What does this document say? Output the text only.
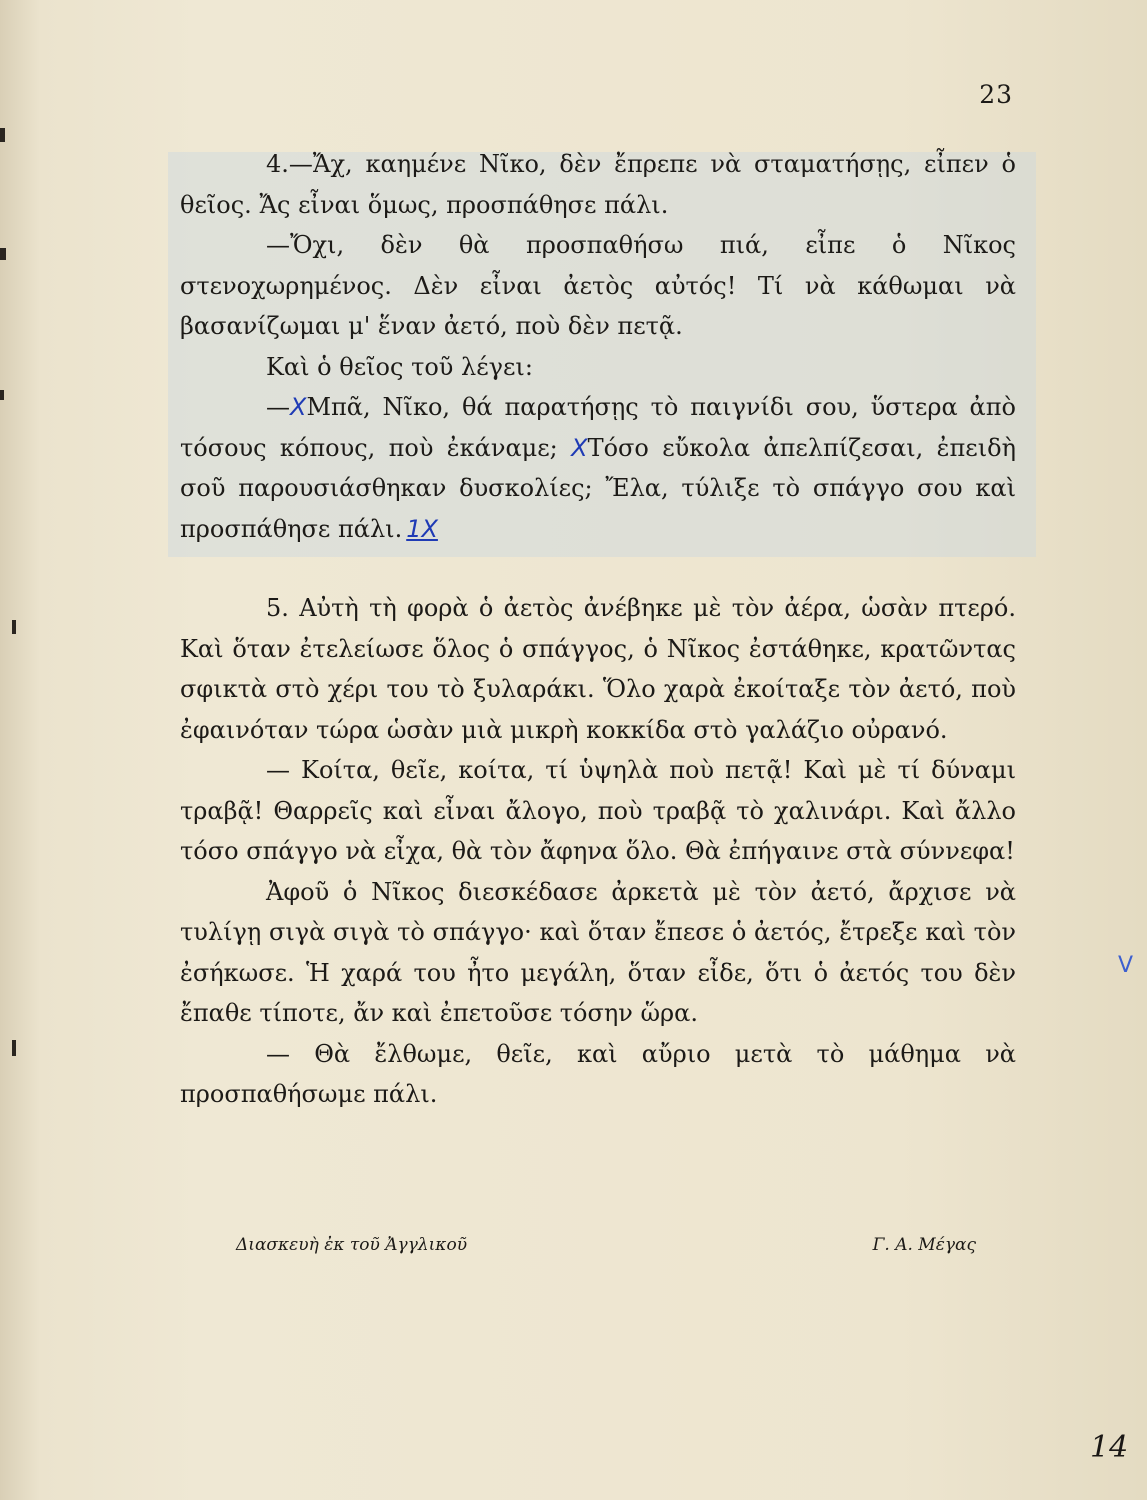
23

4.—Ἄχ, καημένε Νῖκο, δὲν ἔπρεπε νὰ σταματήσῃς, εἶπεν ὁ θεῖος. Ἄς εἶναι ὅμως, προσπάθησε πάλι.

—Ὄχι, δὲν θὰ προσπαθήσω πιά, εἶπε ὁ Νῖκος στενοχωρημένος. Δὲν εἶναι ἀετὸς αὐτός! Τί νὰ κάθωμαι νὰ βασανίζωμαι μ' ἕναν ἀετό, ποὺ δὲν πετᾷ.

Καὶ ὁ θεῖος τοῦ λέγει:

—XΜπᾶ, Νῖκο, θά παρατήσῃς τὸ παιγνίδι σου, ὕστερα ἀπὸ τόσους κόπους, ποὺ ἐκάναμε; XΤόσο εὔκολα ἀπελπίζεσαι, ἐπειδὴ σοῦ παρουσιάσθηκαν δυσκολίες; Ἔλα, τύλιξε τὸ σπάγγο σου καὶ προσπάθησε πάλι. 1X

5. Αὐτὴ τὴ φορὰ ὁ ἀετὸς ἀνέβηκε μὲ τὸν ἀέρα, ὡσὰν πτερό. Καὶ ὅταν ἐτελείωσε ὅλος ὁ σπάγγος, ὁ Νῖκος ἐστάθηκε, κρατῶντας σφικτὰ στὸ χέρι του τὸ ξυλαράκι. Ὅλο χαρὰ ἐκοίταξε τὸν ἀετό, ποὺ ἐφαινόταν τώρα ὡσὰν μιὰ μικρὴ κοκκίδα στὸ γαλάζιο οὐρανό.

— Κοίτα, θεῖε, κοίτα, τί ὑψηλὰ ποὺ πετᾷ! Καὶ μὲ τί δύναμι τραβᾷ! Θαρρεῖς καὶ εἶναι ἄλογο, ποὺ τραβᾷ τὸ χαλινάρι. Καὶ ἄλλο τόσο σπάγγο νὰ εἶχα, θὰ τὸν ἄφηνα ὅλο. Θὰ ἐπήγαινε στὰ σύννεφα!

Ἀφοῦ ὁ Νῖκος διεσκέδασε ἀρκετὰ μὲ τὸν ἀετό, ἄρχισε νὰ τυλίγῃ σιγὰ σιγὰ τὸ σπάγγο· καὶ ὅταν ἔπεσε ὁ ἀετός, ἔτρεξε καὶ τὸν ἐσήκωσε. Ἡ χαρά του ἦτο μεγάλη, ὅταν εἶδε, ὅτι ὁ ἀετός του δὲν ἔπαθε τίποτε, ἄν καὶ ἐπετοῦσε τόσην ὥρα.

— Θὰ ἔλθωμε, θεῖε, καὶ αὔριο μετὰ τὸ μάθημα νὰ προσπαθήσωμε πάλι.

Διασκευὴ ἐκ τοῦ Ἀγγλικοῦ	Γ. Α. Μέγας
V
14
